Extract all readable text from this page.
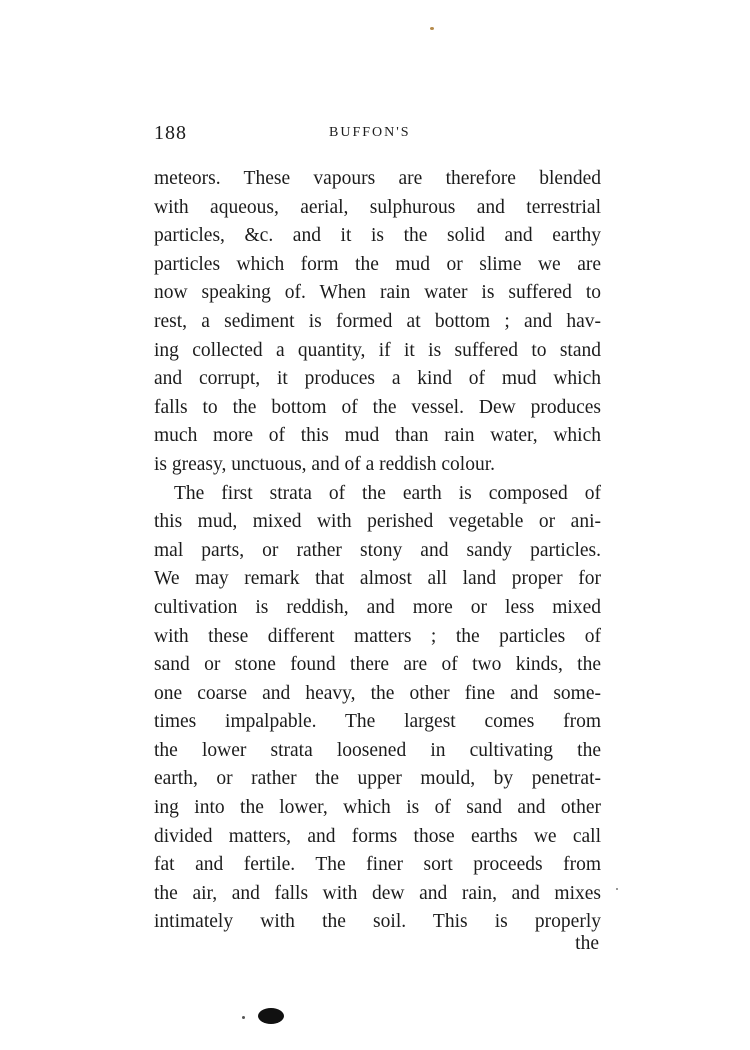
188	BUFFON'S
meteors. These vapours are therefore blended
with aqueous, aerial, sulphurous and terrestrial
particles, &c. and it is the solid and earthy
particles which form the mud or slime we are
now speaking of. When rain water is suffered to
rest, a sediment is formed at bottom ; and hav-
ing collected a quantity, if it is suffered to stand
and corrupt, it produces a kind of mud which
falls to the bottom of the vessel. Dew produces
much more of this mud than rain water, which
is greasy, unctuous, and of a reddish colour.
The first strata of the earth is composed of
this mud, mixed with perished vegetable or ani-
mal parts, or rather stony and sandy particles.
We may remark that almost all land proper for
cultivation is reddish, and more or less mixed
with these different matters ; the particles of
sand or stone found there are of two kinds, the
one coarse and heavy, the other fine and some-
times impalpable. The largest comes from
the lower strata loosened in cultivating the
earth, or rather the upper mould, by penetrat-
ing into the lower, which is of sand and other
divided matters, and forms those earths we call
fat and fertile. The finer sort proceeds from
the air, and falls with dew and rain, and mixes
intimately with the soil. This is properly
the
